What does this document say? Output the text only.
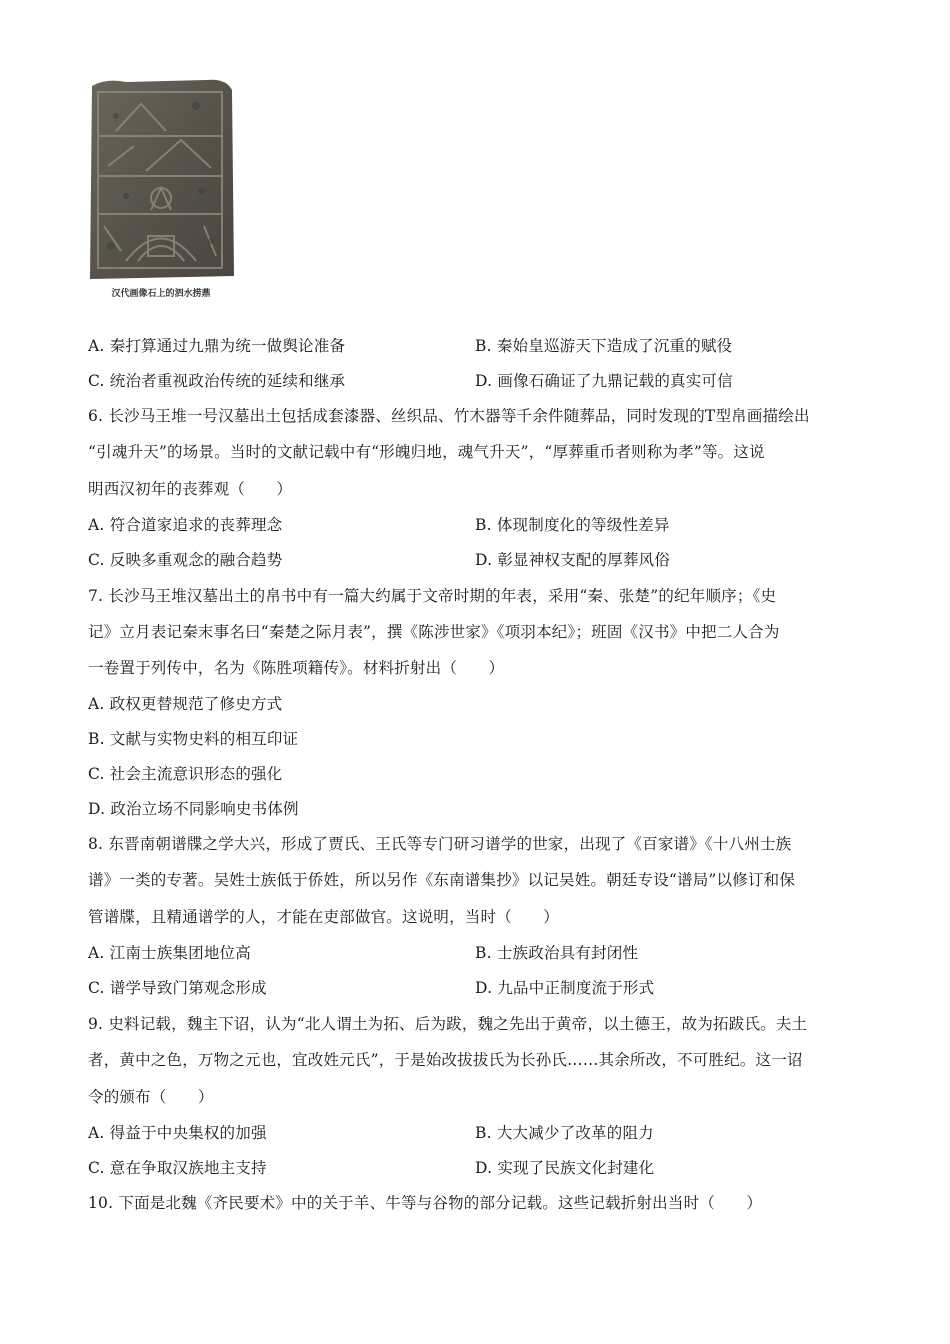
汉代画像石上的泗水捞鼎
A. 秦打算通过九鼎为统一做舆论准备	B. 秦始皇巡游天下造成了沉重的赋役
C. 统治者重视政治传统的延续和继承	D. 画像石确证了九鼎记载的真实可信
6. 长沙马王堆一号汉墓出土包括成套漆器、丝织品、竹木器等千余件随葬品，同时发现的T型帛画描绘出
“引魂升天”的场景。当时的文献记载中有“形魄归地，魂气升天”，“厚葬重币者则称为孝”等。这说
明西汉初年的丧葬观（　　）
A. 符合道家追求的丧葬理念	B. 体现制度化的等级性差异
C. 反映多重观念的融合趋势	D. 彰显神权支配的厚葬风俗
7. 长沙马王堆汉墓出土的帛书中有一篇大约属于文帝时期的年表，采用“秦、张楚”的纪年顺序；《史
记》立月表记秦末事名曰“秦楚之际月表”，撰《陈涉世家》《项羽本纪》；班固《汉书》中把二人合为
一卷置于列传中，名为《陈胜项籍传》。材料折射出（　　）
A. 政权更替规范了修史方式
B. 文献与实物史料的相互印证
C. 社会主流意识形态的强化
D. 政治立场不同影响史书体例
8. 东晋南朝谱牒之学大兴，形成了贾氏、王氏等专门研习谱学的世家，出现了《百家谱》《十八州士族
谱》一类的专著。吴姓士族低于侨姓，所以另作《东南谱集抄》以记吴姓。朝廷专设“谱局”以修订和保
管谱牒，且精通谱学的人，才能在吏部做官。这说明，当时（　　）
A. 江南士族集团地位高	B. 士族政治具有封闭性
C. 谱学导致门第观念形成	D. 九品中正制度流于形式
9. 史料记载，魏主下诏，认为“北人谓土为拓、后为跋，魏之先出于黄帝，以土德王，故为拓跋氏。夫土
者，黄中之色，万物之元也，宜改姓元氏”，于是始改拔拔氏为长孙氏……其余所改，不可胜纪。这一诏
令的颁布（　　）
A. 得益于中央集权的加强	B. 大大减少了改革的阻力
C. 意在争取汉族地主支持	D. 实现了民族文化封建化
10. 下面是北魏《齐民要术》中的关于羊、牛等与谷物的部分记载。这些记载折射出当时（　　）
